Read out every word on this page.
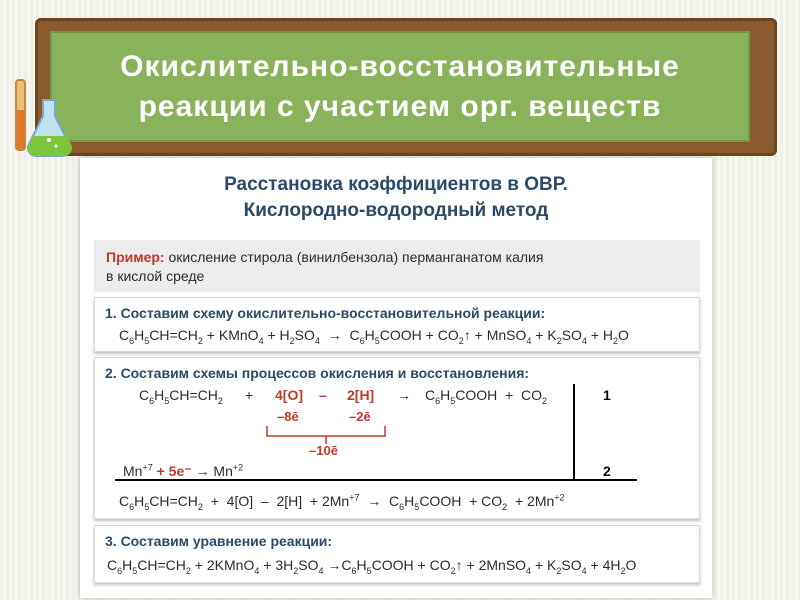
Окислительно-восстановительные
реакции с участием орг. веществ
Расстановка коэффициентов в ОВР.
Кислородно-водородный метод
Пример: окисление стирола (винилбензола) перманганатом калия
в кислой среде
1. Составим схему окислительно-восстановительной реакции:
$C_6H_5CH=CH_2$ + KMnO$_4$ + $H_2SO_4$ →  $C_6H_5COOH$ + $CO_2↑$ + MnSO$_4$ + $K_2SO_4 + H_2O$
2. Составим схемы процессов окисления и восстановления:
$C_6H_5CH=CH_2 + 4[O] - 2[H]$ → $C_6H_5COOH + CO_2$	1
–8ē	–2ē
–10ē
$Mn^{+7} + 5e^- \to Mn^{+2}$	2
$C_6H_5CH=CH_2 + 4[O] - 2[H] + 2Mn^{+7}$ →  $C_6H_5COOH + CO_2 + 2Mn^{+2}$
3. Составим уравнение реакции:
$C_6H_5CH=CH_2$ + 2KMnO$_4$ + $3H_2SO_4$ $\to C_6H_5COOH$ + $CO_2↑$ + 2MnSO$_4$ + $K_2SO_4 + 4H_2O$
